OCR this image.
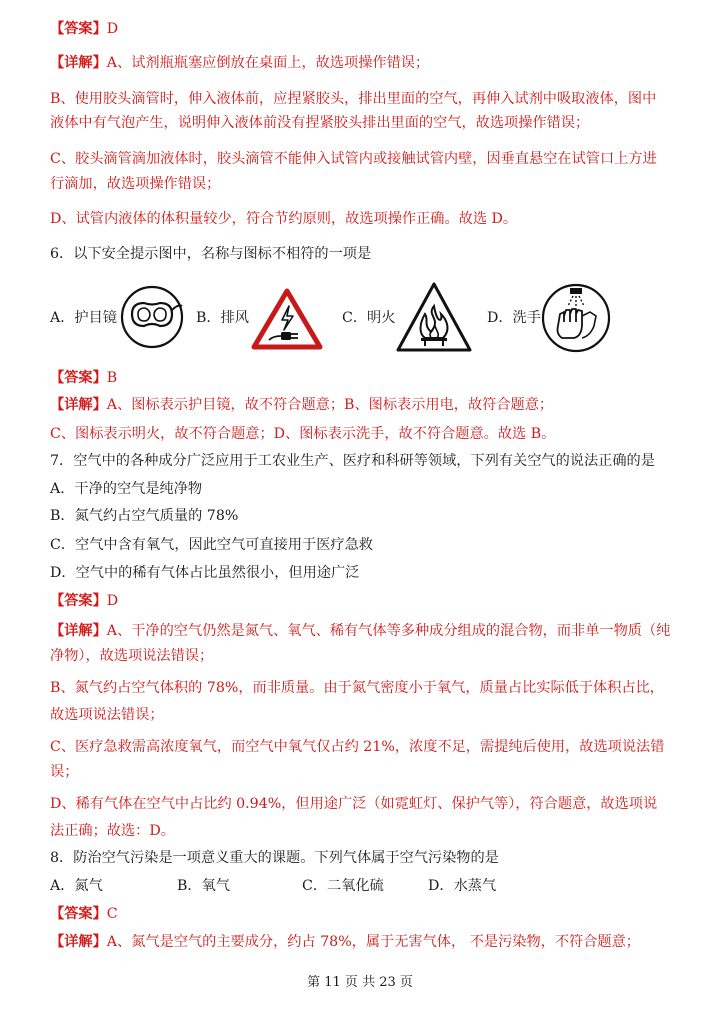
【答案】D
【详解】A、试剂瓶瓶塞应倒放在桌面上，故选项操作错误；
B、使用胶头滴管时，伸入液体前，应捏紧胶头，排出里面的空气，再伸入试剂中吸取液体，图中
液体中有气泡产生，说明伸入液体前没有捏紧胶头排出里面的空气，故选项操作错误；
C、胶头滴管滴加液体时，胶头滴管不能伸入试管内或接触试管内壁，因垂直悬空在试管口上方进
行滴加，故选项操作错误；
D、试管内液体的体积量较少，符合节约原则，故选项操作正确。故选 D。
6．以下安全提示图中，名称与图标不相符的一项是
A．护目镜	B．排风	C．明火	D．洗手
【答案】B
【详解】A、图标表示护目镜，故不符合题意；B、图标表示用电，故符合题意；
C、图标表示明火，故不符合题意；D、图标表示洗手，故不符合题意。故选 B。
7．空气中的各种成分广泛应用于工农业生产、医疗和科研等领域，下列有关空气的说法正确的是
A．干净的空气是纯净物
B．氮气约占空气质量的 78%
C．空气中含有氧气，因此空气可直接用于医疗急救
D．空气中的稀有气体占比虽然很小，但用途广泛
【答案】D
【详解】A、干净的空气仍然是氮气、氧气、稀有气体等多种成分组成的混合物，而非单一物质（纯
净物），故选项说法错误；
B、氮气约占空气体积的 78%，而非质量。由于氮气密度小于氧气，质量占比实际低于体积占比，
故选项说法错误；
C、医疗急救需高浓度氧气，而空气中氧气仅占约 21%，浓度不足，需提纯后使用，故选项说法错
误；
D、稀有气体在空气中占比约 0.94%，但用途广泛（如霓虹灯、保护气等），符合题意，故选项说
法正确；故选：D。
8．防治空气污染是一项意义重大的课题。下列气体属于空气污染物的是
A．氮气	B．氧气	C．二氧化硫	D．水蒸气
【答案】C
【详解】A、氮气是空气的主要成分，约占 78%，属于无害气体， 不是污染物，不符合题意；
第 11 页 共 23 页
